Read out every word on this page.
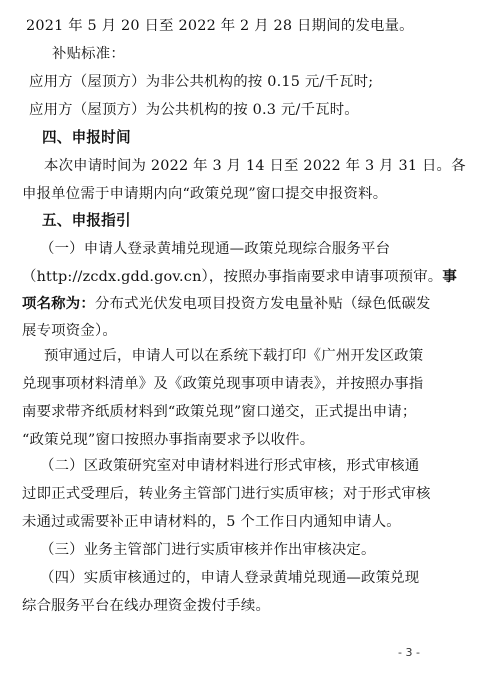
2021 年 5 月 20 日至 2022 年 2 月 28 日期间的发电量。
补贴标准：
应用方（屋顶方）为非公共机构的按 0.15 元/千瓦时;
应用方（屋顶方）为公共机构的按 0.3 元/千瓦时。
四、申报时间
本次申请时间为 2022 年 3 月 14 日至 2022 年 3 月 31 日。各
申报单位需于申请期内向“政策兑现”窗口提交申报资料。
五、申报指引
（一）申请人登录黄埔兑现通—政策兑现综合服务平台
（http://zcdx.gdd.gov.cn），按照办事指南要求申请事项预审。事
项名称为：分布式光伏发电项目投资方发电量补贴（绿色低碳发
展专项资金）。
预审通过后，申请人可以在系统下载打印《广州开发区政策
兑现事项材料清单》及《政策兑现事项申请表》，并按照办事指
南要求带齐纸质材料到“政策兑现”窗口递交，正式提出申请；
“政策兑现”窗口按照办事指南要求予以收件。
（二）区政策研究室对申请材料进行形式审核，形式审核通
过即正式受理后，转业务主管部门进行实质审核；对于形式审核
未通过或需要补正申请材料的，5 个工作日内通知申请人。
（三）业务主管部门进行实质审核并作出审核决定。
（四）实质审核通过的，申请人登录黄埔兑现通—政策兑现
综合服务平台在线办理资金拨付手续。
- 3 -
